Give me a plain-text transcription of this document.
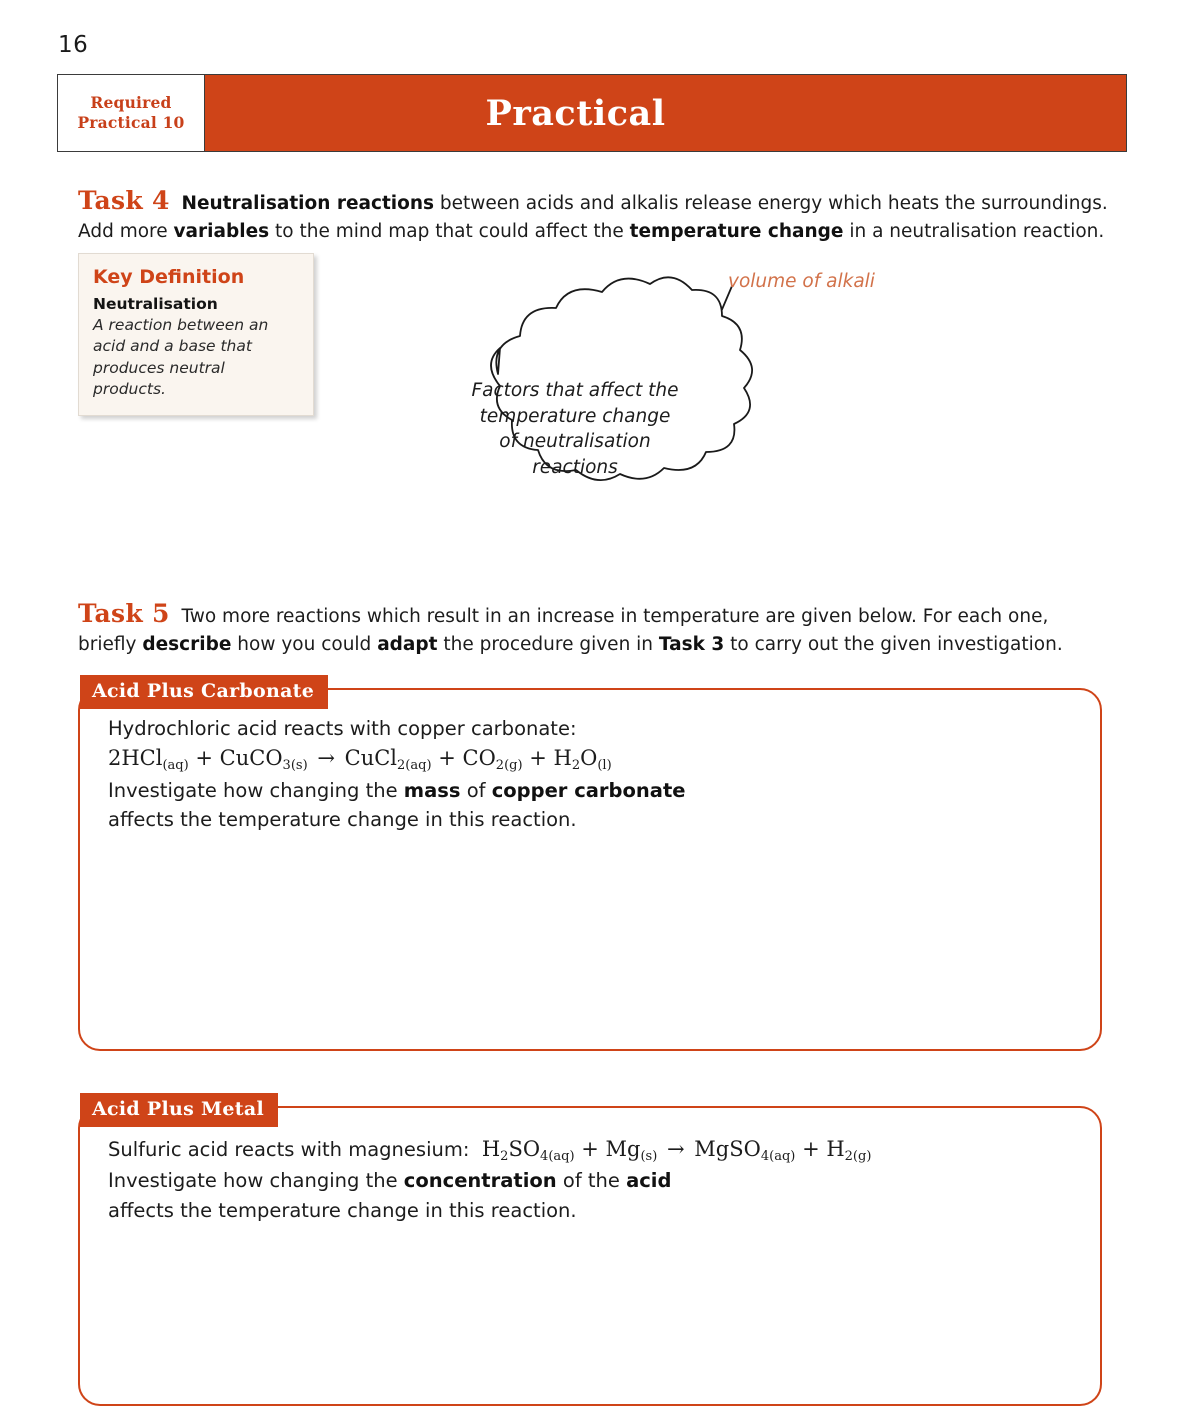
16
Required
Practical 10	Practical
Task 4 Neutralisation reactions between acids and alkalis release energy which heats the surroundings.
Add more variables to the mind map that could affect the temperature change in a neutralisation reaction.
Key Definition
Neutralisation
A reaction between an acid and a base that produces neutral products.	Factors that affect the
temperature change
of neutralisation
reactions
volume of alkali
Task 5 Two more reactions which result in an increase in temperature are given below. For each one,
briefly describe how you could adapt the procedure given in Task 3 to carry out the given investigation.
Acid Plus Carbonate
Hydrochloric acid reacts with copper carbonate:  2HCl$_{(aq)}$ + CuCO$_{3(s)}$ → CuCl$_{2(aq)}$ + $CO_{2(g)} + H_2O_{(l)}$
Investigate how changing the mass of copper carbonate
affects the temperature change in this reaction.
Acid Plus Metal
Sulfuric acid reacts with magnesium: $H_2SO_{4(aq)} + Mg_{(s)}$ → MgSO$_{4(aq)}$ + $H_{2(g)}$
Investigate how changing the concentration of the acid
affects the temperature change in this reaction.
